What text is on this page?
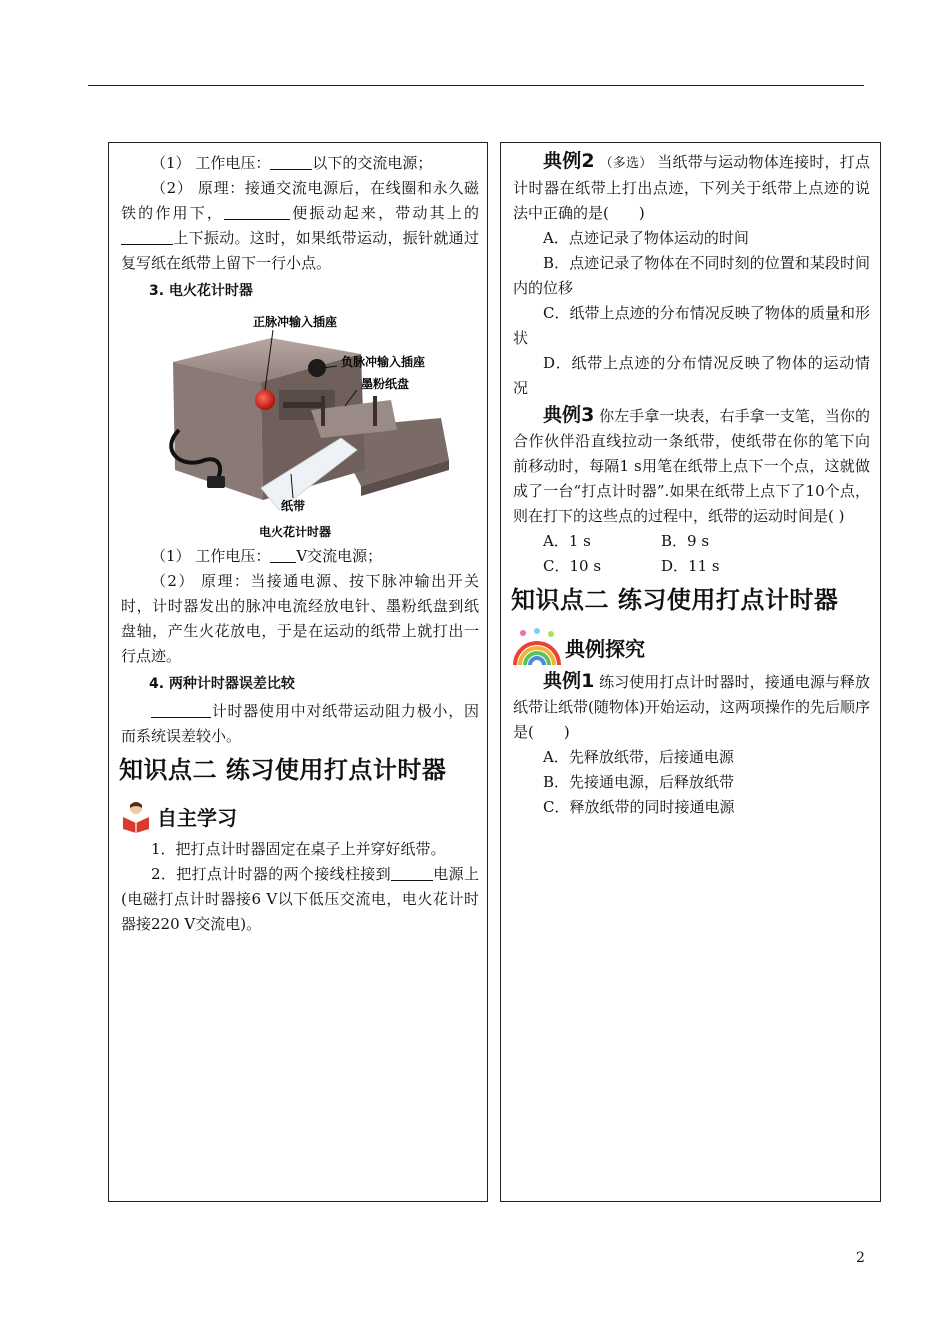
（1） 工作电压：	以下的交流电源；

（2） 原理：接通交流电源后，在线圈和永久磁铁的作用下，	便振动起来，带动其上的上下振动。这时，如果纸带运动，振针就通过复写纸在纸带上留下一行小点。

3. 电火花计时器
正脉冲输入插座
负脉冲输入插座
墨粉纸盘
纸带
电火花计时器

（1） 工作电压： V交流电源；

（2） 原理：当接通电源、按下脉冲输出开关时，计时器发出的脉冲电流经放电针、墨粉纸盘到纸盘轴，产生火花放电，于是在运动的纸带上就打出一行点迹。

4. 两种计时器误差比较

计时器使用中对纸带运动阻力极小，因而系统误差较小。

知识点二 练习使用打点计时器
自主学习

1．把打点计时器固定在桌子上并穿好纸带。

2．把打点计时器的两个接线柱接到	电源上(电磁打点计时器接6 V以下低压交流电，电火花计时器接220 V交流电)。

典例2 （多选） 当纸带与运动物体连接时，打点计时器在纸带上打出点迹，下列关于纸带上点迹的说法中正确的是(　　)

A．点迹记录了物体运动的时间

B．点迹记录了物体在不同时刻的位置和某段时间内的位移

C．纸带上点迹的分布情况反映了物体的质量和形状

D．纸带上点迹的分布情况反映了物体的运动情况

典例3 你左手拿一块表，右手拿一支笔，当你的合作伙伴沿直线拉动一条纸带，使纸带在你的笔下向前移动时，每隔1 s用笔在纸带上点下一个点，这就做成了一台“打点计时器”.如果在纸带上点下了10个点，则在打下的这些点的过程中，纸带的运动时间是( )

A．1 s	B．9 s

C．10 s	D．11 s

知识点二 练习使用打点计时器
典例探究

典例1 练习使用打点计时器时，接通电源与释放纸带让纸带(随物体)开始运动，这两项操作的先后顺序是(　　)

A．先释放纸带，后接通电源

B．先接通电源，后释放纸带

C．释放纸带的同时接通电源

2
